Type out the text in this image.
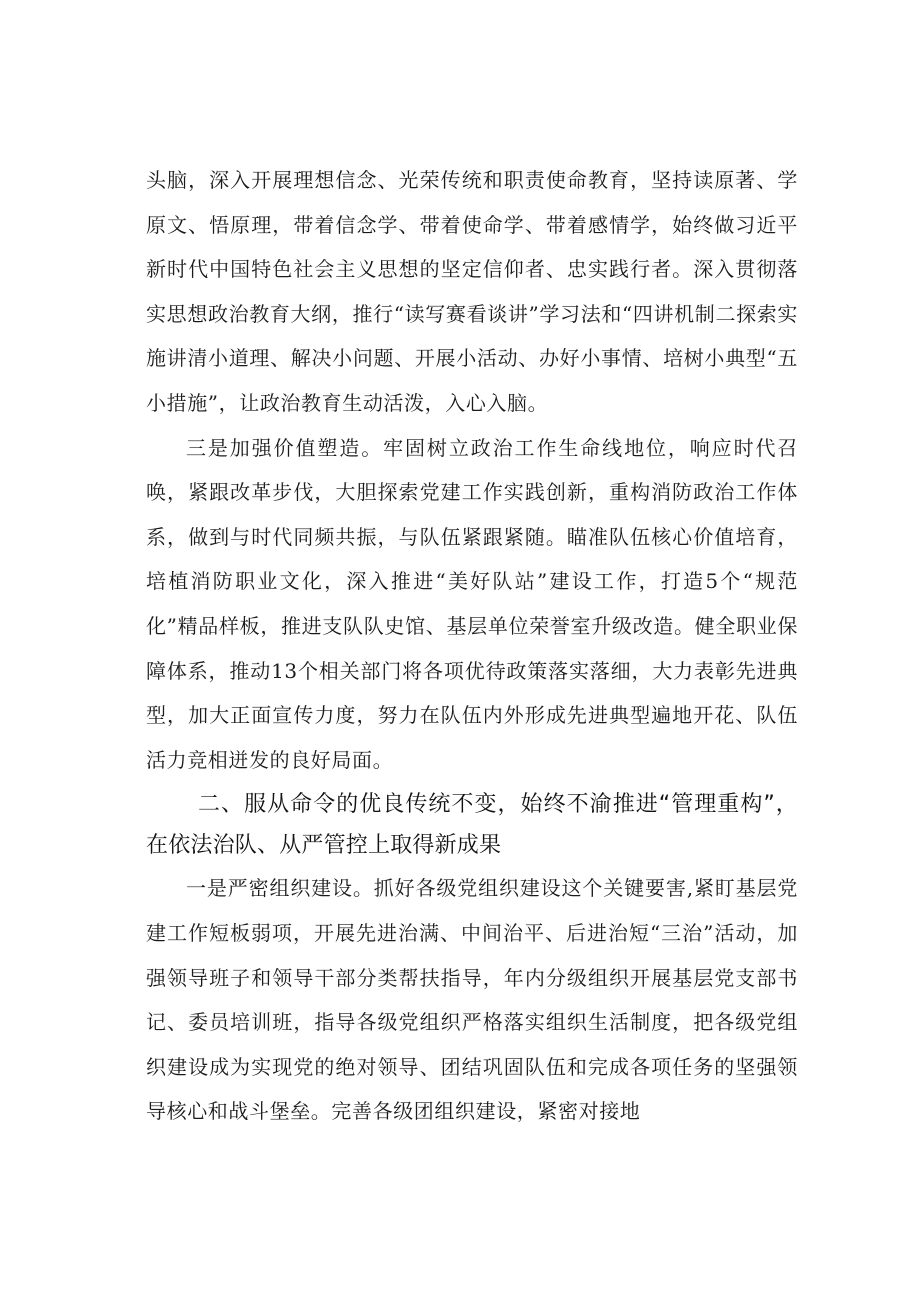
头脑，深入开展理想信念、光荣传统和职责使命教育，坚持读原著、学原文、悟原理，带着信念学、带着使命学、带着感情学，始终做习近平新时代中国特色社会主义思想的坚定信仰者、忠实践行者。深入贯彻落实思想政治教育大纲，推行“读写赛看谈讲”学习法和“四讲机制二探索实施讲清小道理、解决小问题、开展小活动、办好小事情、培树小典型“五小措施”，让政治教育生动活泼，入心入脑。

三是加强价值塑造。牢固树立政治工作生命线地位，响应时代召唤，紧跟改革步伐，大胆探索党建工作实践创新，重构消防政治工作体系，做到与时代同频共振，与队伍紧跟紧随。瞄准队伍核心价值培育，培植消防职业文化，深入推进“美好队站”建设工作，打造5个“规范化”精品样板，推进支队队史馆、基层单位荣誉室升级改造。健全职业保障体系，推动13个相关部门将各项优待政策落实落细，大力表彰先进典型，加大正面宣传力度，努力在队伍内外形成先进典型遍地开花、队伍活力竞相迸发的良好局面。

二、服从命令的优良传统不变，始终不渝推进“管理重构”，在依法治队、从严管控上取得新成果

一是严密组织建设。抓好各级党组织建设这个关键要害,紧盯基层党建工作短板弱项，开展先进治满、中间治平、后进治短“三治”活动，加强领导班子和领导干部分类帮扶指导，年内分级组织开展基层党支部书记、委员培训班，指导各级党组织严格落实组织生活制度，把各级党组织建设成为实现党的绝对领导、团结巩固队伍和完成各项任务的坚强领导核心和战斗堡垒。完善各级团组织建设，紧密对接地
